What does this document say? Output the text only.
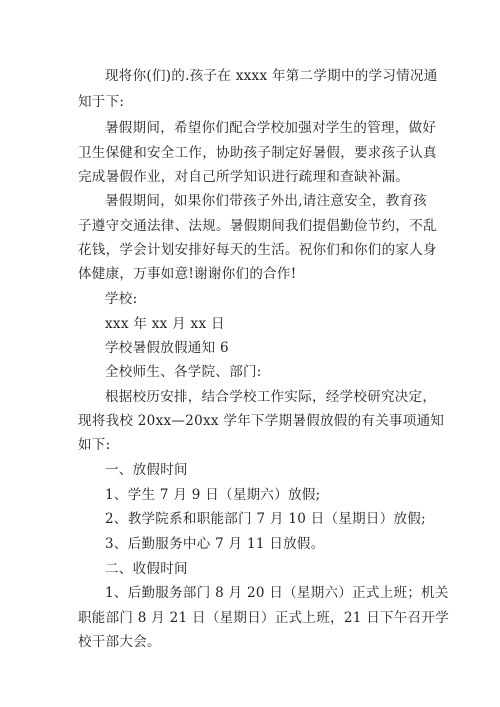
现将你(们)的.孩子在 xxxx 年第二学期中的学习情况通
知于下:
暑假期间，希望你们配合学校加强对学生的管理，做好
卫生保健和安全工作，协助孩子制定好暑假，要求孩子认真
完成暑假作业，对自己所学知识进行疏理和查缺补漏。
暑假期间，如果你们带孩子外出,请注意安全，教育孩
子遵守交通法律、法规。暑假期间我们提倡勤俭节约，不乱
花钱，学会计划安排好每天的生活。祝你们和你们的家人身
体健康，万事如意!谢谢你们的合作!
学校:
xxx 年 xx 月 xx 日
学校暑假放假通知 6
全校师生、各学院、部门:
根据校历安排，结合学校工作实际，经学校研究决定，
现将我校 20xx—20xx 学年下学期暑假放假的有关事项通知
如下:
一、放假时间
1、学生 7 月 9 日（星期六）放假;
2、教学院系和职能部门 7 月 10 日（星期日）放假;
3、后勤服务中心 7 月 11 日放假。
二、收假时间
1、后勤服务部门 8 月 20 日（星期六）正式上班；机关
职能部门 8 月 21 日（星期日）正式上班，21 日下午召开学
校干部大会。
